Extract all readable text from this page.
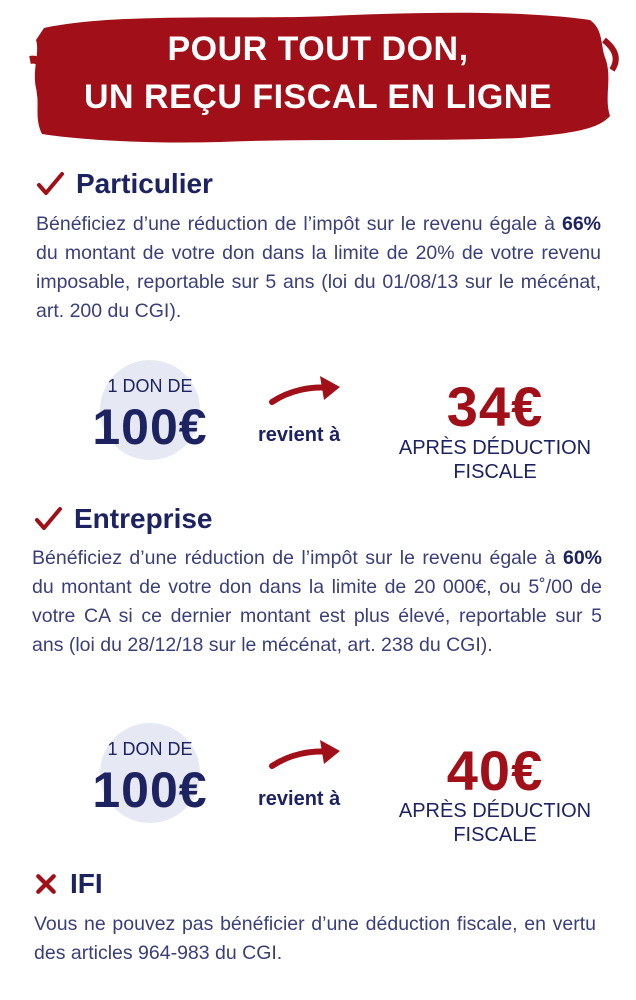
POUR TOUT DON,
UN REÇU FISCAL EN LIGNE
Particulier

Bénéficiez d’une réduction de l’impôt sur le revenu égale à 66% du montant de votre don dans la limite de 20% de votre revenu imposable, reportable sur 5 ans (loi du 01/08/13 sur le mécénat, art. 200 du CGI).

1 DON DE
100€	revient à	34€
APRÈS DÉDUCTION
FISCALE
Entreprise

Bénéficiez d’une réduction de l’impôt sur le revenu égale à 60% du montant de votre don dans la limite de 20 000€, ou 5˚/00 de votre CA si ce dernier montant est plus élevé, reportable sur 5 ans (loi du 28/12/18 sur le mécénat, art. 238 du CGI).

1 DON DE
100€	revient à	40€
APRÈS DÉDUCTION
FISCALE
IFI

Vous ne pouvez pas bénéficier d’une déduction fiscale, en vertu des articles 964-983 du CGI.
